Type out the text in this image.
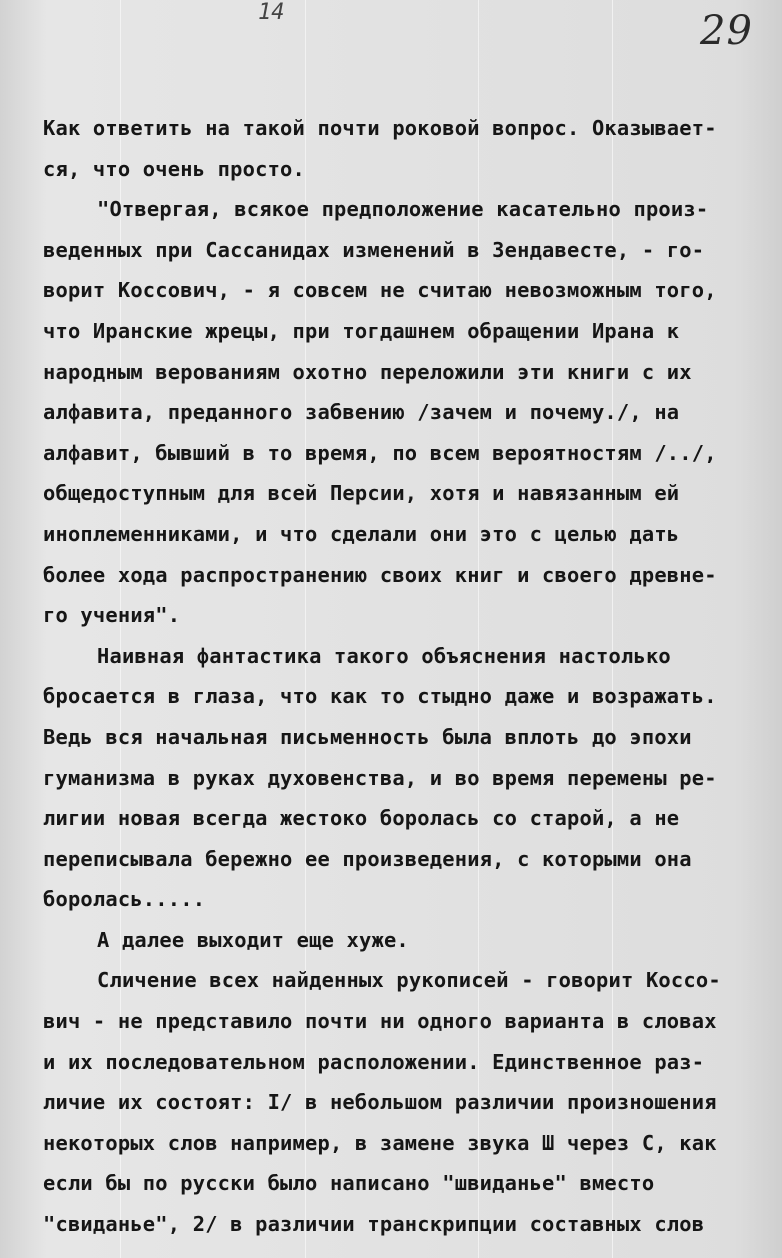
14	29
Как ответить на такой почти роковой вопрос. Оказывает-
ся, что очень просто.
"Отвергая, всякое предположение касательно произ-
веденных при Сассанидах изменений в Зендавесте, - го-
ворит Коссович, - я совсем не считаю невозможным того,
что Иранские жрецы, при тогдашнем обращении Ирана к
народным верованиям охотно переложили эти книги с их
алфавита, преданного забвению /зачем и почему./, на
алфавит, бывший в то время, по всем вероятностям /../,
общедоступным для всей Персии, хотя и навязанным ей
иноплеменниками, и что сделали они это с целью дать
более хода распространению своих книг и своего древне-
го учения".
Наивная фантастика такого объяснения настолько
бросается в глаза, что как то стыдно даже и возражать.
Ведь вся начальная письменность была вплоть до эпохи
гуманизма в руках духовенства, и во время перемены ре-
лигии новая всегда жестоко боролась со старой, а не
переписывала бережно ее произведения, с которыми она
боролась.....
А далее выходит еще хуже.
Сличение всех найденных рукописей - говорит Коссо-
вич - не представило почти ни одного варианта в словах
и их последовательном расположении. Единственное раз-
личие их состоят: I/ в небольшом различии произношения
некоторых слов например, в замене звука Ш через С, как
если бы по русски было написано "швиданье" вместо
"свиданье", 2/ в различии транскрипции составных слов
